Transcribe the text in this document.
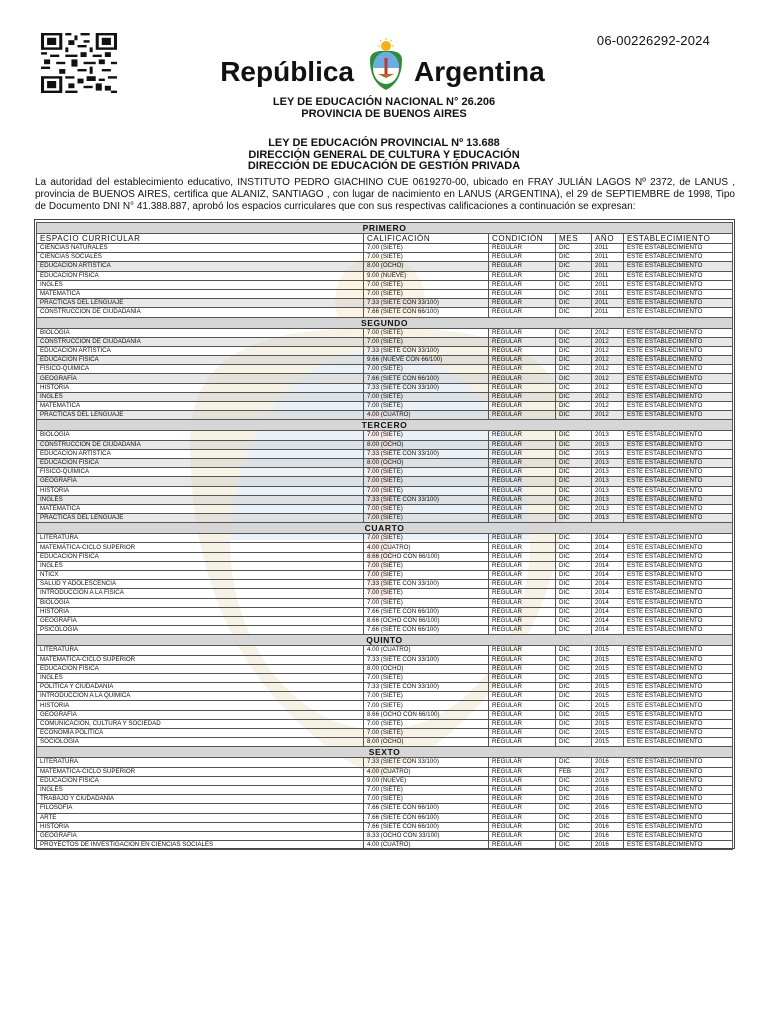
06-00226292-2024
República Argentina
LEY DE EDUCACIÓN NACIONAL N° 26.206
PROVINCIA DE BUENOS AIRES
LEY DE EDUCACIÓN PROVINCIAL Nº 13.688
DIRECCIÓN GENERAL DE CULTURA Y EDUCACIÓN
DIRECCIÓN DE EDUCACIÓN DE GESTIÓN PRIVADA
La autoridad del establecimiento educativo, INSTITUTO PEDRO GIACHINO CUE 0619270-00, ubicado en FRAY JULIÁN LAGOS Nº 2372, de LANUS , provincia de BUENOS AIRES, certifica que ALANIZ, SANTIAGO , con lugar de nacimiento en LANUS (ARGENTINA), el 29 de SEPTIEMBRE de 1998, Tipo de Documento DNI N° 41.388.887, aprobó los espacios curriculares que con sus respectivas calificaciones a continuación se expresan:
PRIMERO					
ESPACIO CURRICULAR	CALIFICACIÓN	CONDICIÓN	MES	AÑO	ESTABLECIMIENTO
CIENCIAS NATURALES	7.00 (SIETE)	REGULAR	DIC	2011	ESTE ESTABLECIMIENTO
CIENCIAS SOCIALES	7.00 (SIETE)	REGULAR	DIC	2011	ESTE ESTABLECIMIENTO
EDUCACIÓN ARTÍSTICA	8.00 (OCHO)	REGULAR	DIC	2011	ESTE ESTABLECIMIENTO
EDUCACIÓN FÍSICA	9.00 (NUEVE)	REGULAR	DIC	2011	ESTE ESTABLECIMIENTO
INGLÉS	7.00 (SIETE)	REGULAR	DIC	2011	ESTE ESTABLECIMIENTO
MATEMÁTICA	7.00 (SIETE)	REGULAR	DIC	2011	ESTE ESTABLECIMIENTO
PRÁCTICAS DEL LENGUAJE	7.33 (SIETE CON 33/100)	REGULAR	DIC	2011	ESTE ESTABLECIMIENTO
CONSTRUCCIÓN DE CIUDADANÍA	7.66 (SIETE CON 66/100)	REGULAR	DIC	2011	ESTE ESTABLECIMIENTO
SEGUNDO					
BIOLOGÍA	7.00 (SIETE)	REGULAR	DIC	2012	ESTE ESTABLECIMIENTO
CONSTRUCCIÓN DE CIUDADANÍA	7.00 (SIETE)	REGULAR	DIC	2012	ESTE ESTABLECIMIENTO
EDUCACIÓN ARTÍSTICA	7.33 (SIETE CON 33/100)	REGULAR	DIC	2012	ESTE ESTABLECIMIENTO
EDUCACIÓN FÍSICA	9.66 (NUEVE CON 66/100)	REGULAR	DIC	2012	ESTE ESTABLECIMIENTO
FÍSICO-QUÍMICA	7.00 (SIETE)	REGULAR	DIC	2012	ESTE ESTABLECIMIENTO
GEOGRAFÍA	7.66 (SIETE CON 66/100)	REGULAR	DIC	2012	ESTE ESTABLECIMIENTO
HISTORIA	7.33 (SIETE CON 33/100)	REGULAR	DIC	2012	ESTE ESTABLECIMIENTO
INGLÉS	7.00 (SIETE)	REGULAR	DIC	2012	ESTE ESTABLECIMIENTO
MATEMÁTICA	7.00 (SIETE)	REGULAR	DIC	2012	ESTE ESTABLECIMIENTO
PRÁCTICAS DEL LENGUAJE	4.00 (CUATRO)	REGULAR	DIC	2012	ESTE ESTABLECIMIENTO
TERCERO					
BIOLOGÍA	7.00 (SIETE)	REGULAR	DIC	2013	ESTE ESTABLECIMIENTO
CONSTRUCCIÓN DE CIUDADANÍA	8.00 (OCHO)	REGULAR	DIC	2013	ESTE ESTABLECIMIENTO
EDUCACIÓN ARTÍSTICA	7.33 (SIETE CON 33/100)	REGULAR	DIC	2013	ESTE ESTABLECIMIENTO
EDUCACIÓN FÍSICA	8.00 (OCHO)	REGULAR	DIC	2013	ESTE ESTABLECIMIENTO
FÍSICO-QUÍMICA	7.00 (SIETE)	REGULAR	DIC	2013	ESTE ESTABLECIMIENTO
GEOGRAFÍA	7.00 (SIETE)	REGULAR	DIC	2013	ESTE ESTABLECIMIENTO
HISTORIA	7.00 (SIETE)	REGULAR	DIC	2013	ESTE ESTABLECIMIENTO
INGLÉS	7.33 (SIETE CON 33/100)	REGULAR	DIC	2013	ESTE ESTABLECIMIENTO
MATEMÁTICA	7.00 (SIETE)	REGULAR	DIC	2013	ESTE ESTABLECIMIENTO
PRÁCTICAS DEL LENGUAJE	7.00 (SIETE)	REGULAR	DIC	2013	ESTE ESTABLECIMIENTO
CUARTO					
LITERATURA	7.00 (SIETE)	REGULAR	DIC	2014	ESTE ESTABLECIMIENTO
MATEMÁTICA-CICLO SUPERIOR	4.00 (CUATRO)	REGULAR	DIC	2014	ESTE ESTABLECIMIENTO
EDUCACIÓN FÍSICA	8.66 (OCHO CON 66/100)	REGULAR	DIC	2014	ESTE ESTABLECIMIENTO
INGLÉS	7.00 (SIETE)	REGULAR	DIC	2014	ESTE ESTABLECIMIENTO
NTICX	7.00 (SIETE)	REGULAR	DIC	2014	ESTE ESTABLECIMIENTO
SALUD Y ADOLESCENCIA	7.33 (SIETE CON 33/100)	REGULAR	DIC	2014	ESTE ESTABLECIMIENTO
INTRODUCCIÓN A LA FÍSICA	7.00 (SIETE)	REGULAR	DIC	2014	ESTE ESTABLECIMIENTO
BIOLOGÍA	7.00 (SIETE)	REGULAR	DIC	2014	ESTE ESTABLECIMIENTO
HISTORIA	7.66 (SIETE CON 66/100)	REGULAR	DIC	2014	ESTE ESTABLECIMIENTO
GEOGRAFÍA	8.66 (OCHO CON 66/100)	REGULAR	DIC	2014	ESTE ESTABLECIMIENTO
PSICOLOGÍA	7.66 (SIETE CON 66/100)	REGULAR	DIC	2014	ESTE ESTABLECIMIENTO
QUINTO					
LITERATURA	4.00 (CUATRO)	REGULAR	DIC	2015	ESTE ESTABLECIMIENTO
MATEMÁTICA-CICLO SUPERIOR	7.33 (SIETE CON 33/100)	REGULAR	DIC	2015	ESTE ESTABLECIMIENTO
EDUCACIÓN FÍSICA	8.00 (OCHO)	REGULAR	DIC	2015	ESTE ESTABLECIMIENTO
INGLÉS	7.00 (SIETE)	REGULAR	DIC	2015	ESTE ESTABLECIMIENTO
POLÍTICA Y CIUDADANÍA	7.33 (SIETE CON 33/100)	REGULAR	DIC	2015	ESTE ESTABLECIMIENTO
INTRODUCCIÓN A LA QUÍMICA	7.00 (SIETE)	REGULAR	DIC	2015	ESTE ESTABLECIMIENTO
HISTORIA	7.00 (SIETE)	REGULAR	DIC	2015	ESTE ESTABLECIMIENTO
GEOGRAFÍA	8.66 (OCHO CON 66/100)	REGULAR	DIC	2015	ESTE ESTABLECIMIENTO
COMUNICACIÓN, CULTURA Y SOCIEDAD	7.00 (SIETE)	REGULAR	DIC	2015	ESTE ESTABLECIMIENTO
ECONOMÍA POLÍTICA	7.00 (SIETE)	REGULAR	DIC	2015	ESTE ESTABLECIMIENTO
SOCIOLOGÍA	8.00 (OCHO)	REGULAR	DIC	2015	ESTE ESTABLECIMIENTO
SEXTO					
LITERATURA	7.33 (SIETE CON 33/100)	REGULAR	DIC	2016	ESTE ESTABLECIMIENTO
MATEMÁTICA-CICLO SUPERIOR	4.00 (CUATRO)	REGULAR	FEB	2017	ESTE ESTABLECIMIENTO
EDUCACIÓN FÍSICA	9.00 (NUEVE)	REGULAR	DIC	2016	ESTE ESTABLECIMIENTO
INGLÉS	7.00 (SIETE)	REGULAR	DIC	2016	ESTE ESTABLECIMIENTO
TRABAJO Y CIUDADANÍA	7.00 (SIETE)	REGULAR	DIC	2016	ESTE ESTABLECIMIENTO
FILOSOFÍA	7.66 (SIETE CON 66/100)	REGULAR	DIC	2016	ESTE ESTABLECIMIENTO
ARTE	7.66 (SIETE CON 66/100)	REGULAR	DIC	2016	ESTE ESTABLECIMIENTO
HISTORIA	7.66 (SIETE CON 66/100)	REGULAR	DIC	2016	ESTE ESTABLECIMIENTO
GEOGRAFÍA	8.33 (OCHO CON 33/100)	REGULAR	DIC	2016	ESTE ESTABLECIMIENTO
PROYECTOS DE INVESTIGACIÓN EN CIENCIAS SOCIALES	4.00 (CUATRO)	REGULAR	DIC	2016	ESTE ESTABLECIMIENTO
